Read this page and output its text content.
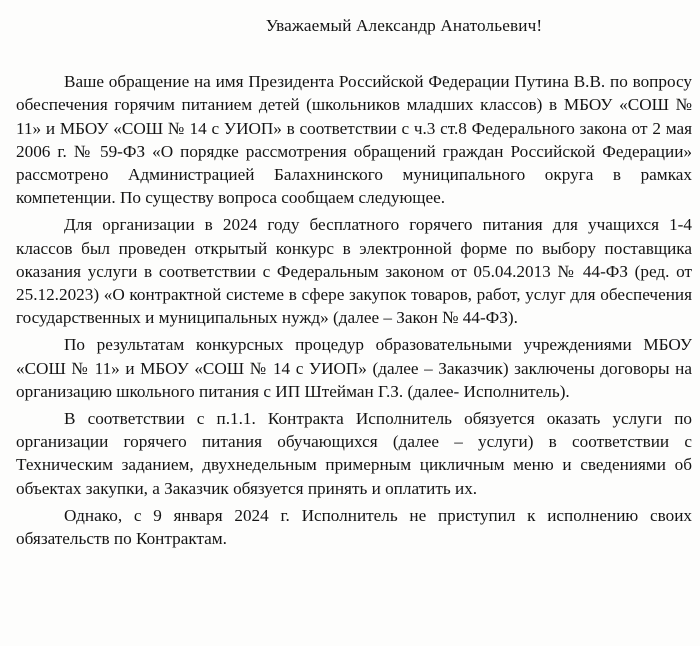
Уважаемый Александр Анатольевич!

Ваше обращение на имя Президента Российской Федерации Путина В.В. по вопросу обеспечения горячим питанием детей (школьников младших классов) в МБОУ «СОШ № 11» и МБОУ «СОШ № 14 с УИОП» в соответствии с ч.3 ст.8 Федерального закона от 2 мая 2006 г. № 59-ФЗ «О порядке рассмотрения обращений граждан Российской Федерации» рассмотрено Администрацией Балахнинского муниципального округа в рамках компетенции. По существу вопроса сообщаем следующее.

Для организации в 2024 году бесплатного горячего питания для учащихся 1-4 классов был проведен открытый конкурс в электронной форме по выбору поставщика оказания услуги в соответствии с Федеральным законом от 05.04.2013 № 44-ФЗ (ред. от 25.12.2023) «О контрактной системе в сфере закупок товаров, работ, услуг для обеспечения государственных и муниципальных нужд» (далее – Закон № 44-ФЗ).

По результатам конкурсных процедур образовательными учреждениями МБОУ «СОШ № 11» и МБОУ «СОШ № 14 с УИОП» (далее – Заказчик) заключены договоры на организацию школьного питания с ИП Штейман Г.З. (далее- Исполнитель).

В соответствии с п.1.1. Контракта Исполнитель обязуется оказать услуги по организации горячего питания обучающихся (далее – услуги) в соответствии с Техническим заданием, двухнедельным примерным цикличным меню и сведениями об объектах закупки, а Заказчик обязуется принять и оплатить их.

Однако, с 9 января 2024 г. Исполнитель не приступил к исполнению своих обязательств по Контрактам.
